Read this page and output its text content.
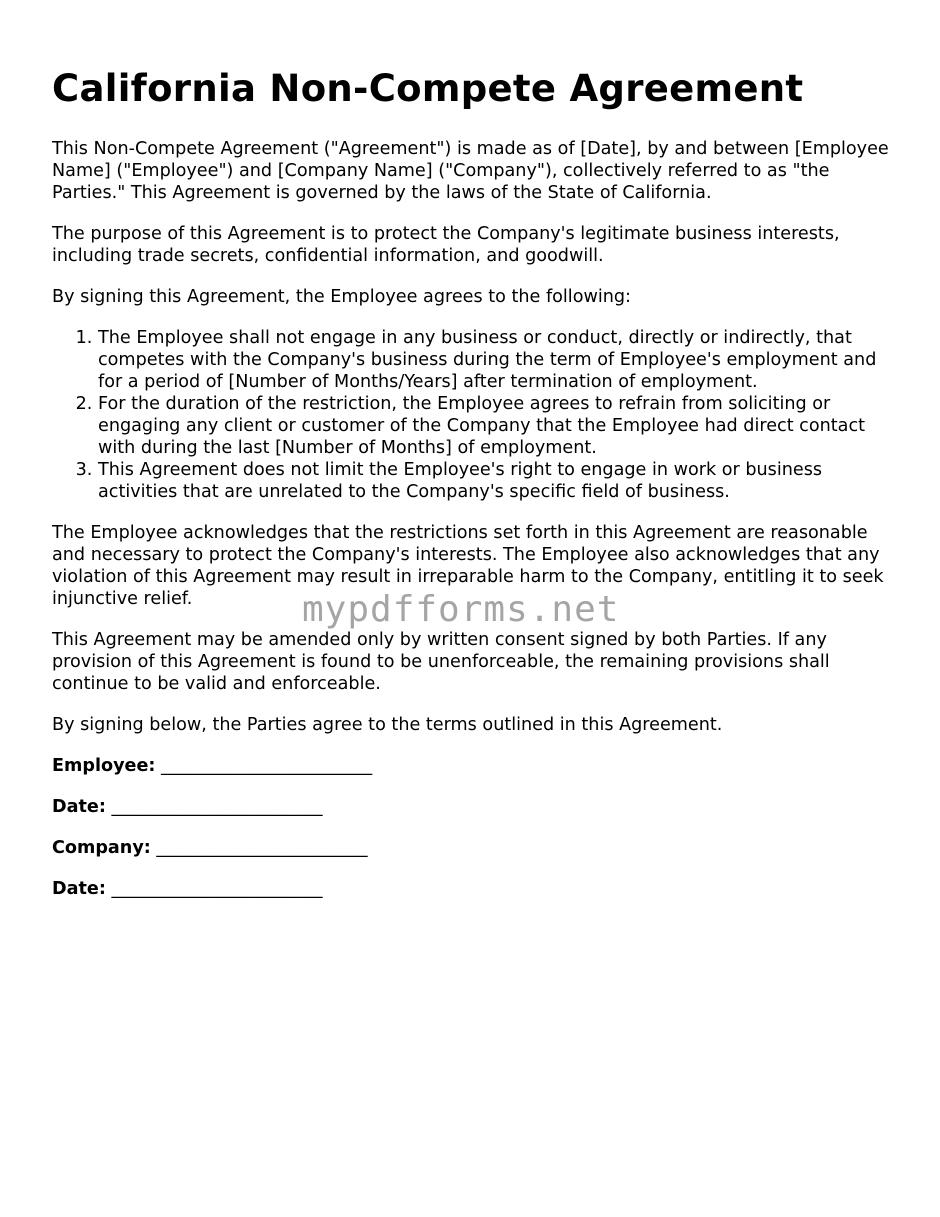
California Non-Compete Agreement

This Non-Compete Agreement ("Agreement") is made as of [Date], by and between [Employee Name] ("Employee") and [Company Name] ("Company"), collectively referred to as "the Parties." This Agreement is governed by the laws of the State of California.

The purpose of this Agreement is to protect the Company's legitimate business interests, including trade secrets, confidential information, and goodwill.

By signing this Agreement, the Employee agrees to the following:

1. The Employee shall not engage in any business or conduct, directly or indirectly, that competes with the Company's business during the term of Employee's employment and for a period of [Number of Months/Years] after termination of employment.
2. For the duration of the restriction, the Employee agrees to refrain from soliciting or engaging any client or customer of the Company that the Employee had direct contact with during the last [Number of Months] of employment.
3. This Agreement does not limit the Employee's right to engage in work or business activities that are unrelated to the Company's specific field of business.

The Employee acknowledges that the restrictions set forth in this Agreement are reasonable and necessary to protect the Company's interests. The Employee also acknowledges that any violation of this Agreement may result in irreparable harm to the Company, entitling it to seek injunctive relief.

This Agreement may be amended only by written consent signed by both Parties. If any provision of this Agreement is found to be unenforceable, the remaining provisions shall continue to be valid and enforceable.

By signing below, the Parties agree to the terms outlined in this Agreement.

Employee: ________________________
Date: ________________________
Company: ________________________
Date: ________________________
mypdfforms.net
